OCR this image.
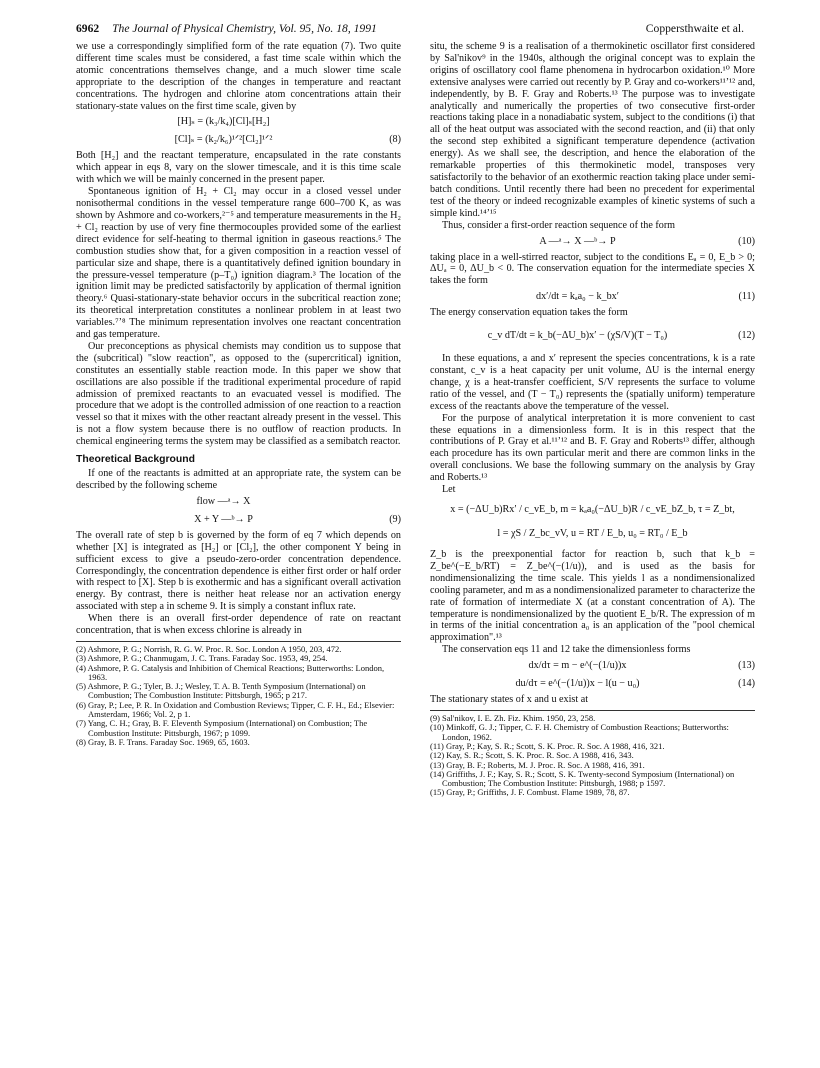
6962 The Journal of Physical Chemistry, Vol. 95, No. 18, 1991	Coppersthwaite et al.

we use a correspondingly simplified form of the rate equation (7). Two quite different time scales must be considered, a fast time scale within which the atomic concentrations themselves change, and a much slower time scale appropriate to the description of the changes in temperature and reactant concentrations. The hydrogen and chlorine atom concentrations attain their stationary-state values on the first time scale, given by

[H]ₛ = (k₃/k₄)[Cl]ₛ[H₂]
[Cl]ₛ = (k₂/k₆)¹ᐟ²[Cl₂]¹ᐟ²	(8)

Both [H₂] and the reactant temperature, encapsulated in the rate constants which appear in eqs 8, vary on the slower timescale, and it is this time scale with which we will be mainly concerned in the present paper.

Spontaneous ignition of H₂ + Cl₂ may occur in a closed vessel under nonisothermal conditions in the vessel temperature range 600–700 K, as was shown by Ashmore and co-workers,²⁻⁵ and temperature measurements in the H₂ + Cl₂ reaction by use of very fine thermocouples provided some of the earliest direct evidence for self-heating to thermal ignition in gaseous reactions.⁵ The combustion studies show that, for a given composition in a reaction vessel of particular size and shape, there is a quantitatively defined ignition boundary in the pressure-vessel temperature (p–T₀) ignition diagram.³ The location of the ignition limit may be predicted satisfactorily by application of thermal ignition theory.⁶ Quasi-stationary-state behavior occurs in the subcritical reaction zone; its theoretical interpretation constitutes a nonlinear problem in at least two variables.⁷ʼ⁸ The minimum representation involves one reactant concentration and gas temperature.

Our preconceptions as physical chemists may condition us to suppose that the (subcritical) "slow reaction", as opposed to the (supercritical) ignition, constitutes an essentially stable reaction mode. In this paper we show that oscillations are also possible if the traditional experimental procedure of rapid admission of premixed reactants to an evacuated vessel is modified. The procedure that we adopt is the controlled admission of one reaction to a reaction vessel so that it mixes with the other reactant already present in the vessel. This is not a flow system because there is no outflow of reaction products. In chemical engineering terms the system may be classified as a semibatch reactor.

Theoretical Background

If one of the reactants is admitted at an appropriate rate, the system can be described by the following scheme

flow —ᵃ→ X
X + Y —ᵇ→ P	(9)

The overall rate of step b is governed by the form of eq 7 which depends on whether [X] is integrated as [H₂] or [Cl₂], the other component Y being in sufficient excess to give a pseudo-zero-order concentration dependence. Correspondingly, the concentration dependence is either first order or half order with respect to [X]. Step b is exothermic and has a significant overall activation energy. By contrast, there is neither heat release nor an activation energy associated with step a in scheme 9. It is simply a constant influx rate.

When there is an overall first-order dependence of rate on reactant concentration, that is when excess chlorine is already in

(2) Ashmore, P. G.; Norrish, R. G. W. Proc. R. Soc. London A 1950, 203, 472.
(3) Ashmore, P. G.; Chanmugam, J. C. Trans. Faraday Soc. 1953, 49, 254.
(4) Ashmore, P. G. Catalysis and Inhibition of Chemical Reactions; Butterworths: London, 1963.
(5) Ashmore, P. G.; Tyler, B. J.; Wesley, T. A. B. Tenth Symposium (International) on Combustion; The Combustion Institute: Pittsburgh, 1965; p 217.
(6) Gray, P.; Lee, P. R. In Oxidation and Combustion Reviews; Tipper, C. F. H., Ed.; Elsevier: Amsterdam, 1966; Vol. 2, p 1.
(7) Yang, C. H.; Gray, B. F. Eleventh Symposium (International) on Combustion; The Combustion Institute: Pittsburgh, 1967; p 1099.
(8) Gray, B. F. Trans. Faraday Soc. 1969, 65, 1603.

situ, the scheme 9 is a realisation of a thermokinetic oscillator first considered by Sal'nikov⁹ in the 1940s, although the original concept was to explain the origins of oscillatory cool flame phenomena in hydrocarbon oxidation.¹⁰ More extensive analyses were carried out recently by P. Gray and co-workers¹¹ʼ¹² and, independently, by B. F. Gray and Roberts.¹³ The purpose was to investigate analytically and numerically the properties of two consecutive first-order reactions taking place in a nonadiabatic system, subject to the conditions (i) that all of the heat output was associated with the second reaction, and (ii) that only the second step exhibited a significant temperature dependence (activation energy). As we shall see, the description, and hence the elaboration of the remarkable properties of this thermokinetic model, transposes very satisfactorily to the behavior of an exothermic reaction taking place under semi-batch conditions. Until recently there had been no precedent for experimental test of the theory or indeed recognizable examples of kinetic systems of such a simple kind.¹⁴ʼ¹⁵

Thus, consider a first-order reaction sequence of the form

A —ᵃ→ X —ᵇ→ P	(10)

taking place in a well-stirred reactor, subject to the conditions Eₐ = 0, E_b > 0; ΔUₐ = 0, ΔU_b < 0. The conservation equation for the intermediate species X takes the form

dx′/dt = kₐa₀ − k_bx′	(11)

The energy conservation equation takes the form

c_v dT/dt = k_b(−ΔU_b)x′ − (χS/V)(T − T₀)	(12)

In these equations, a and x′ represent the species concentrations, k is a rate constant, c_v is a heat capacity per unit volume, ΔU is the internal energy change, χ is a heat-transfer coefficient, S/V represents the surface to volume ratio of the vessel, and (T − T₀) represents the (spatially uniform) temperature excess of the reactants above the temperature of the vessel.

For the purpose of analytical interpretation it is more convenient to cast these equations in a dimensionless form. It is in this respect that the contributions of P. Gray et al.¹¹ʼ¹² and B. F. Gray and Roberts¹³ differ, although each procedure has its own particular merit and there are common links in the overall conclusions. We base the following summary on the analysis by Gray and Roberts.¹³

Let

x = (−ΔU_b)Rx′ / c_vE_b, m = kₐa₀(−ΔU_b)R / c_vE_bZ_b, τ = Z_bt,
l = χS / Z_bc_vV, u = RT / E_b, u₀ = RT₀ / E_b

Z_b is the preexponential factor for reaction b, such that k_b = Z_be^(−E_b/RT) = Z_be^(−(1/u)), and is used as the basis for nondimensionalizing the time scale. This yields l as a nondimensionalized cooling parameter, and m as a nondimensionalized parameter to characterize the rate of formation of intermediate X (at a constant concentration of A). The temperature is nondimensionalized by the quotient E_b/R. The expression of m in terms of the initial concentration a₀ is an application of the "pool chemical approximation".¹³

The conservation eqs 11 and 12 take the dimensionless forms

dx/dτ = m − e^(−(1/u))x	(13)
du/dτ = e^(−(1/u))x − l(u − u₀)	(14)

The stationary states of x and u exist at

(9) Sal'nikov, I. E. Zh. Fiz. Khim. 1950, 23, 258.
(10) Minkoff, G. J.; Tipper, C. F. H. Chemistry of Combustion Reactions; Butterworths: London, 1962.
(11) Gray, P.; Kay, S. R.; Scott, S. K. Proc. R. Soc. A 1988, 416, 321.
(12) Kay, S. R.; Scott, S. K. Proc. R. Soc. A 1988, 416, 343.
(13) Gray, B. F.; Roberts, M. J. Proc. R. Soc. A 1988, 416, 391.
(14) Griffiths, J. F.; Kay, S. R.; Scott, S. K. Twenty-second Symposium (International) on Combustion; The Combustion Institute: Pittsburgh, 1988; p 1597.
(15) Gray, P.; Griffiths, J. F. Combust. Flame 1989, 78, 87.
